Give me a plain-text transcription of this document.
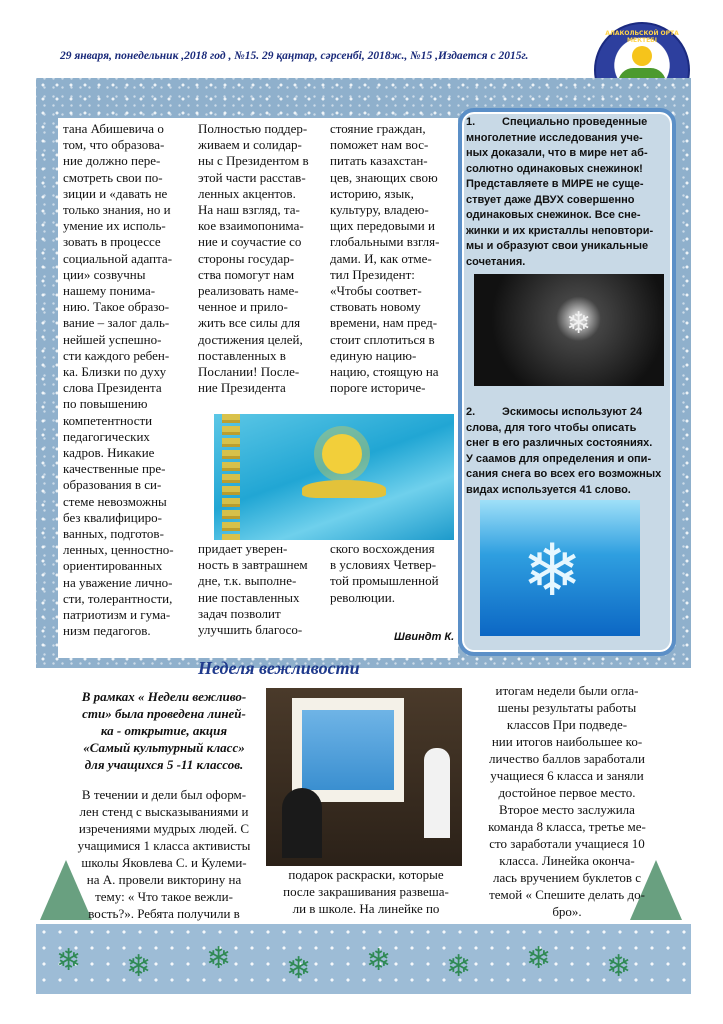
29 января, понедельник ,2018 год , №15. 29 қаңтар, сәрсенбі, 2018ж., №15 ,Издается с 2015г.
АЛАКОЛЬСКОЙ ОРТА МЕКТЕБІ
тана Абишевича о
том, что образова-
ние должно пере-
смотреть свои по-
зиции и «давать не
только знания, но и
умение их исполь-
зовать в процессе
социальной адапта-
ции» созвучны
нашему понима-
нию. Такое образо-
вание – залог даль-
нейшей успешно-
сти каждого ребен-
ка. Близки по духу
слова Президента
по повышению
компетентности
педагогических
кадров. Никакие
качественные пре-
образования в си-
стеме невозможны
без квалифициро-
ванных, подготов-
ленных, ценностно-
ориентированных
на уважение лично-
сти, толерантности,
патриотизм и гума-
низм педагогов.
Полностью поддер-
живаем и солидар-
ны с Президентом в
этой части расстав-
ленных акцентов.
На наш взгляд, та-
кое взаимопонима-
ние и соучастие со
стороны государ-
ства помогут нам
реализовать наме-
ченное и прило-
жить все силы для
достижения целей,
поставленных в
Послании! После-
ние Президента
стояние граждан,
поможет нам вос-
питать казахстан-
цев, знающих свою
историю, язык,
культуру, владею-
щих передовыми и
глобальными взгля-
дами. И, как отме-
тил Президент:
«Чтобы соответ-
ствовать новому
времени, нам пред-
стоит сплотиться в
единую нацию-
нацию, стоящую на
пороге историче-
придает уверен-
ность в завтрашнем
дне, т.к. выполне-
ние поставленных
задач позволит
улучшить благосо-
ского восхождения
в условиях Четвер-
той промышленной
революции.
Швиндт К.
1. Специально проведенные
многолетние исследования уче-
ных доказали, что в мире нет аб-
солютно одинаковых снежинок!
Представляете в МИРЕ не суще-
ствует даже ДВУХ совершенно
одинаковых снежинок. Все сне-
жинки и их кристаллы неповтори-
мы и образуют свои уникальные
сочетания.
❄
2. Эскимосы используют 24
слова, для того чтобы описать
снег в его различных состояниях.
У саамов для определения и опи-
сания снега во всех его возможных
видах используется 41 слово.
❄
Неделя вежливости
В рамках « Недели вежливо-
сти» была проведена линей-
ка - открытие, акция
«Самый культурный класс»
для учащихся 5 -11 классов.
В течении и дели был оформ-
лен стенд с высказываниями и
изречениями мудрых людей. С
учащимися 1 класса активисты
школы Яковлева С. и Кулеми-
на А. провели викторину на
тему: « Что такое вежли-
вость?». Ребята получили в
подарок раскраски, которые
после закрашивания развеша-
ли в школе. На линейке по
итогам недели были огла-
шены результаты работы
классов При подведе-
нии итогов наибольшее ко-
личество баллов заработали
учащиеся 6 класса и заняли
достойное первое место.
Второе место заслужила
команда 8 класса, третье ме-
сто заработали учащиеся 10
класса. Линейка оконча-
лась вручением буклетов с
темой « Спешите делать до-
бро».
❄ ❄ ❄ ❄ ❄ ❄ ❄ ❄
